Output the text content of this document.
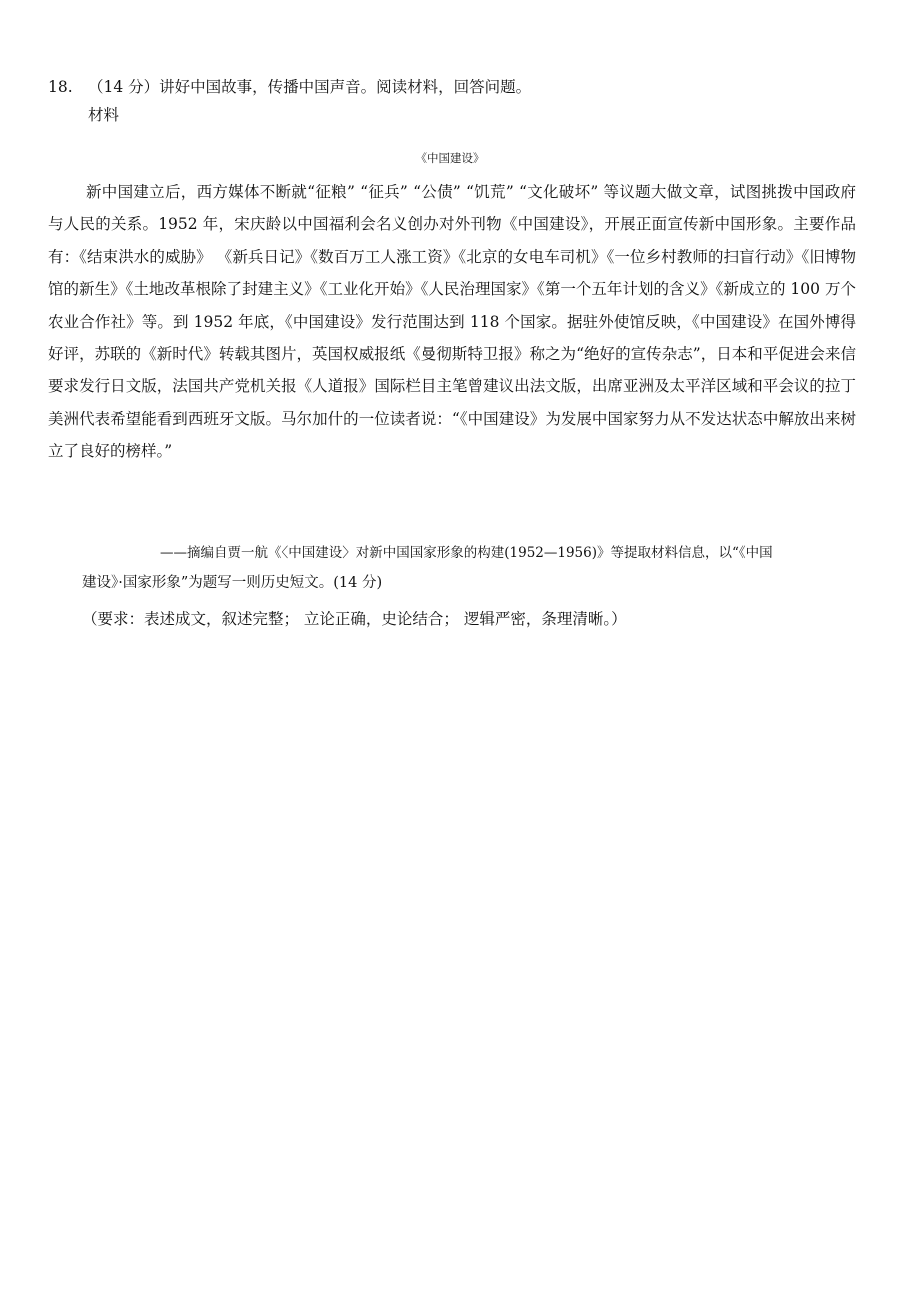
18. （14 分）讲好中国故事，传播中国声音。阅读材料，回答问题。
材料
《中国建设》

新中国建立后，西方媒体不断就“征粮” “征兵” “公债” “饥荒” “文化破坏” 等议题大做文章，试图挑拨中国政府与人民的关系。1952 年，宋庆龄以中国福利会名义创办对外刊物《中国建设》，开展正面宣传新中国形象。主要作品有：《结束洪水的威胁》 《新兵日记》《数百万工人涨工资》《北京的女电车司机》《一位乡村教师的扫盲行动》《旧博物馆的新生》《土地改革根除了封建主义》《工业化开始》《人民治理国家》《第一个五年计划的含义》《新成立的 100 万个农业合作社》等。到 1952 年底，《中国建设》发行范围达到 118 个国家。据驻外使馆反映，《中国建设》在国外博得好评，苏联的《新时代》转载其图片，英国权威报纸《曼彻斯特卫报》称之为“绝好的宣传杂志”，日本和平促进会来信要求发行日文版，法国共产党机关报《人道报》国际栏目主笔曾建议出法文版，出席亚洲及太平洋区域和平会议的拉丁美洲代表希望能看到西班牙文版。马尔加什的一位读者说：“《中国建设》为发展中国家努力从不发达状态中解放出来树立了良好的榜样。”

——摘编自贾一航《〈中国建设〉对新中国国家形象的构建(1952—1956)》等提取材料信息，以“《中国
建设》·国家形象”为题写一则历史短文。(14 分)
（要求：表述成文，叙述完整； 立论正确，史论结合； 逻辑严密，条理清晰。）
